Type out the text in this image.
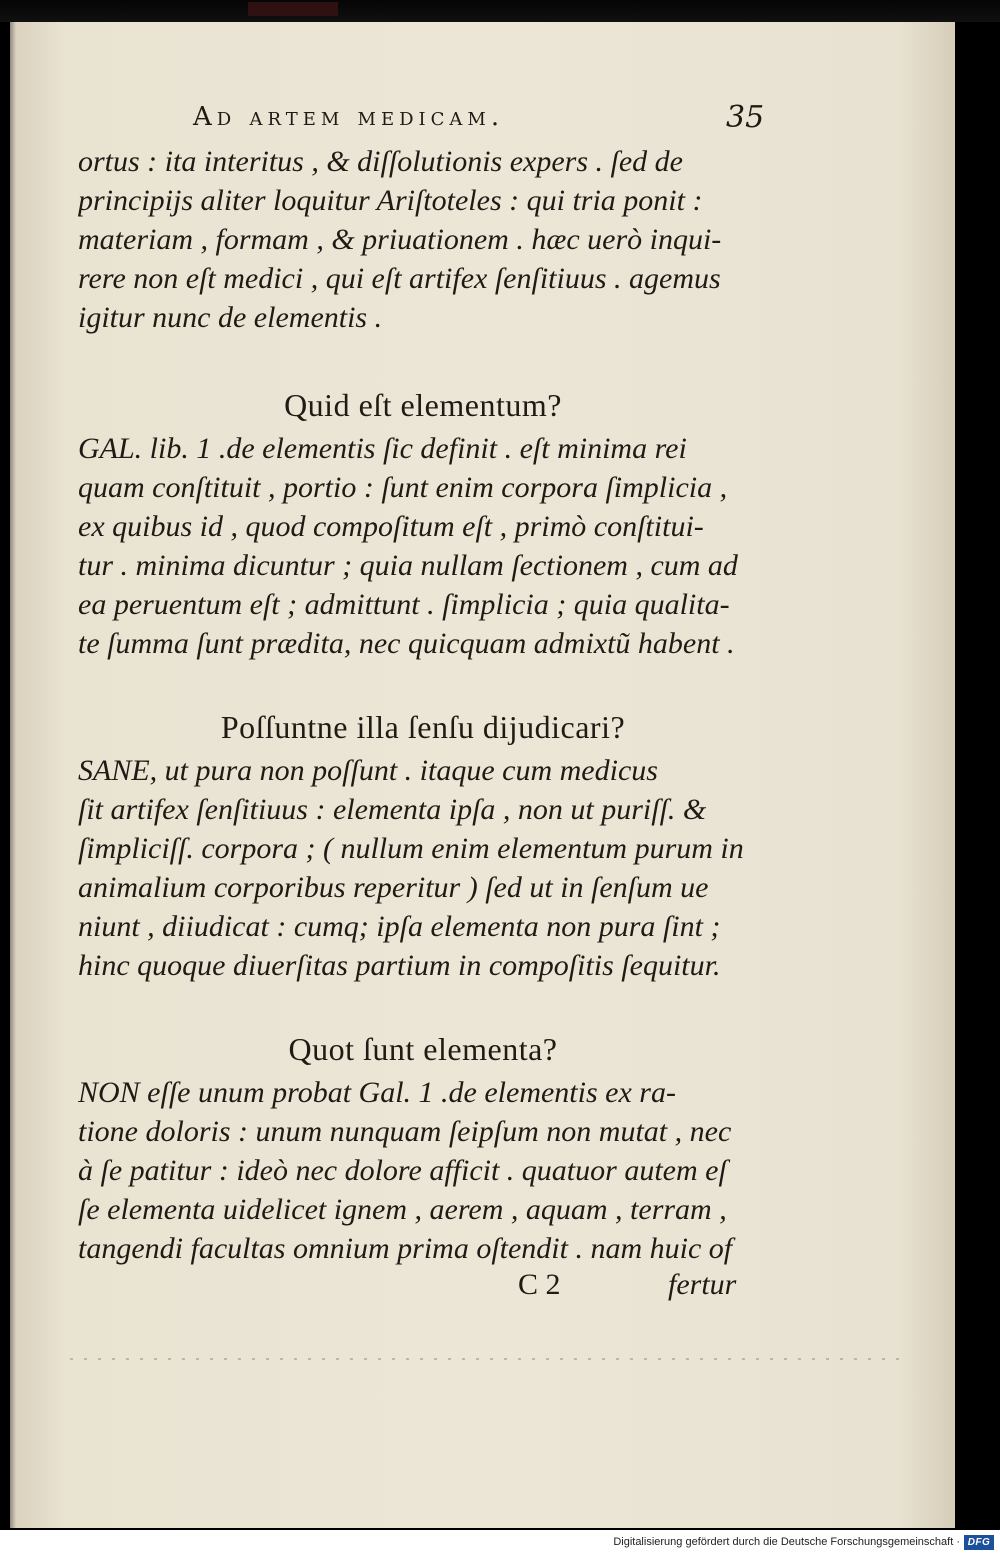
Ad artem medicam.	35
ortus : ita interitus , & diſſolutionis expers . ſed de
principijs aliter loquitur Ariſtoteles : qui tria ponit :
materiam , formam , & priuationem . hæc uerò inqui-
rere non eſt medici , qui eſt artifex ſenſitiuus . agemus
igitur nunc de elementis .
Quid eſt elementum?
GAL. lib. 1 .de elementis ſic definit . eſt minima rei
quam conſtituit , portio : ſunt enim corpora ſimplicia ,
ex quibus id , quod compoſitum eſt , primò conſtitui-
tur . minima dicuntur ; quia nullam ſectionem , cum ad
ea peruentum eſt ; admittunt . ſimplicia ; quia qualita-
te ſumma ſunt prædita, nec quicquam admixtũ habent .
Poſſuntne illa ſenſu dijudicari?
SANE, ut pura non poſſunt . itaque cum medicus
ſit artifex ſenſitiuus : elementa ipſa , non ut puriſſ. &
ſimpliciſſ. corpora ; ( nullum enim elementum purum in
animalium corporibus reperitur ) ſed ut in ſenſum ue
niunt , diiudicat : cumq; ipſa elementa non pura ſint ;
hinc quoque diuerſitas partium in compoſitis ſequitur.
Quot ſunt elementa?
NON eſſe unum probat Gal. 1 .de elementis ex ra-
tione doloris : unum nunquam ſeipſum non mutat , nec
à ſe patitur : ideò nec dolore afficit . quatuor autem eſ
ſe elementa uidelicet ignem , aerem , aquam , terram ,
tangendi facultas omnium prima oſtendit . nam huic of
C 2	fertur
Digitalisierung gefördert durch die Deutsche Forschungsgemeinschaft · DFG
